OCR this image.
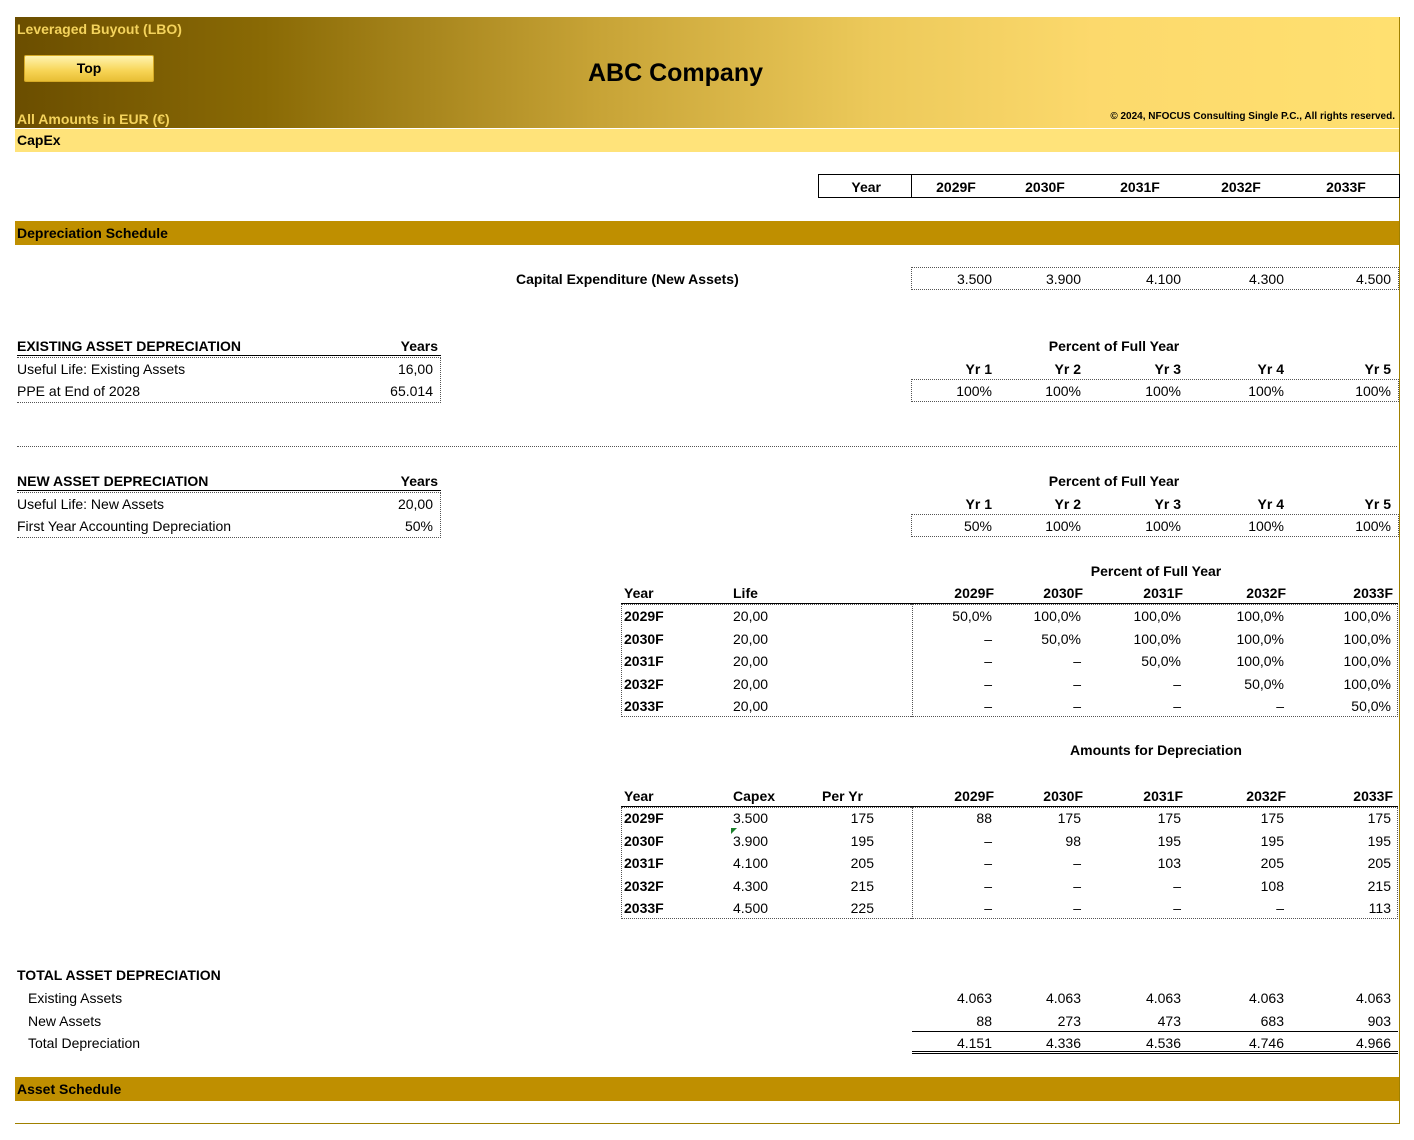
Leveraged Buyout (LBO)
Top	ABC Company
All Amounts in EUR (€)	© 2024, NFOCUS Consulting Single P.C., All rights reserved.
CapEx
Year	2029F	2030F	2031F	2032F	2033F
Depreciation Schedule
Capital Expenditure (New Assets)	3.500	3.900	4.100	4.300	4.500
EXISTING ASSET DEPRECIATION	Years
Useful Life: Existing Assets	16,00
PPE at End of 2028	65.014
Percent of Full Year
Yr 1	Yr 2	Yr 3	Yr 4	Yr 5
100%	100%	100%	100%	100%
NEW ASSET DEPRECIATION	Years
Useful Life: New Assets	20,00
First Year Accounting Depreciation	50%
Percent of Full Year
Yr 1	Yr 2	Yr 3	Yr 4	Yr 5
50%	100%	100%	100%	100%
Percent of Full Year
Year	Life	2029F	2030F	2031F	2032F	2033F
2029F	20,00	50,0%	100,0%	100,0%	100,0%	100,0%
2030F	20,00	–	50,0%	100,0%	100,0%	100,0%
2031F	20,00	–	–	50,0%	100,0%	100,0%
2032F	20,00	–	–	–	50,0%	100,0%
2033F	20,00	–	–	–	–	50,0%
Amounts for Depreciation
Year	Capex	Per Yr	2029F	2030F	2031F	2032F	2033F
2029F	3.500	175	88	175	175	175	175
2030F	3.900	195	–	98	195	195	195
2031F	4.100	205	–	–	103	205	205
2032F	4.300	215	–	–	–	108	215
2033F	4.500	225	–	–	–	–	113
TOTAL ASSET DEPRECIATION
Existing Assets	4.063	4.063	4.063	4.063	4.063
New Assets	88	273	473	683	903
Total Depreciation	4.151	4.336	4.536	4.746	4.966
Asset Schedule
